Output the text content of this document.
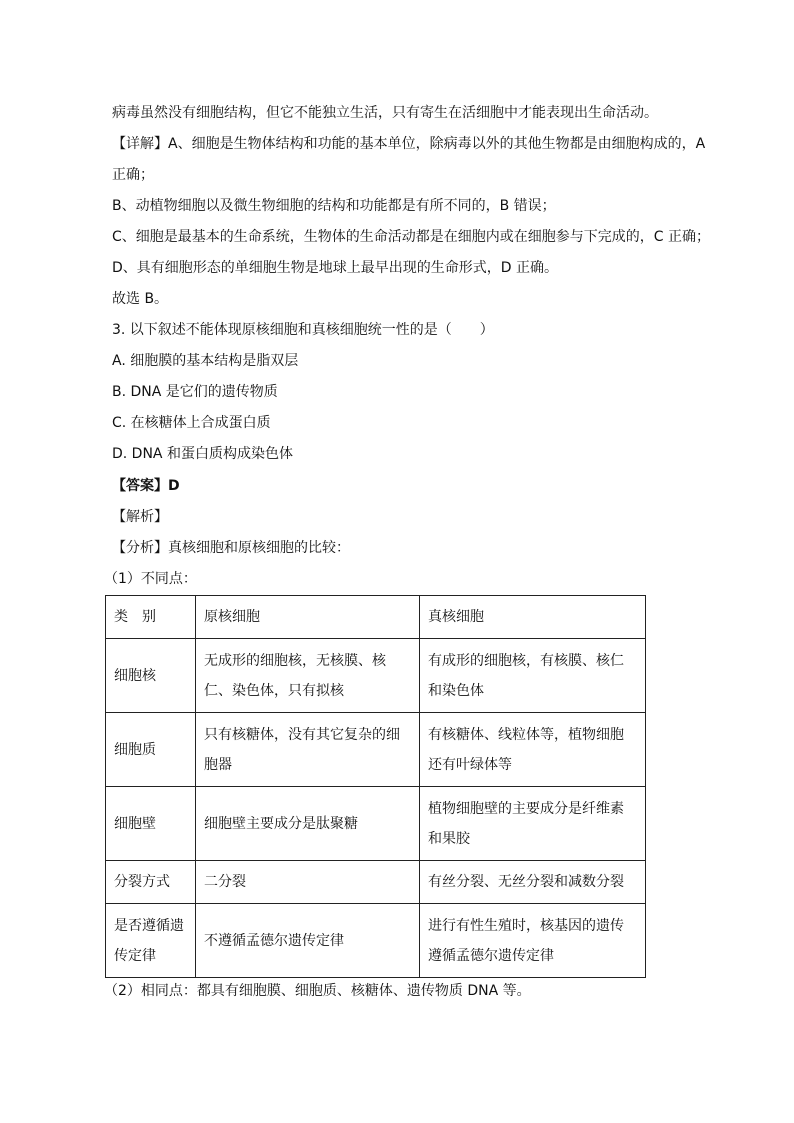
病毒虽然没有细胞结构，但它不能独立生活，只有寄生在活细胞中才能表现出生命活动。
【详解】A、细胞是生物体结构和功能的基本单位，除病毒以外的其他生物都是由细胞构成的，A
正确；
B、动植物细胞以及微生物细胞的结构和功能都是有所不同的，B 错误；
C、细胞是最基本的生命系统，生物体的生命活动都是在细胞内或在细胞参与下完成的，C 正确；
D、具有细胞形态的单细胞生物是地球上最早出现的生命形式，D 正确。
故选 B。
3. 以下叙述不能体现原核细胞和真核细胞统一性的是（　　）
A. 细胞膜的基本结构是脂双层
B. DNA 是它们的遗传物质
C. 在核糖体上合成蛋白质
D. DNA 和蛋白质构成染色体
【答案】D
【解析】
【分析】真核细胞和原核细胞的比较：
（1）不同点：
类　别	原核细胞	真核细胞
细胞核	无成形的细胞核，无核膜、核仁、染色体，只有拟核	有成形的细胞核，有核膜、核仁和染色体
细胞质	只有核糖体，没有其它复杂的细胞器	有核糖体、线粒体等，植物细胞还有叶绿体等
细胞壁	细胞壁主要成分是肽聚糖	植物细胞壁的主要成分是纤维素和果胶
分裂方式	二分裂	有丝分裂、无丝分裂和减数分裂
是否遵循遗传定律	不遵循孟德尔遗传定律	进行有性生殖时，核基因的遗传遵循孟德尔遗传定律
（2）相同点：都具有细胞膜、细胞质、核糖体、遗传物质 DNA 等。
